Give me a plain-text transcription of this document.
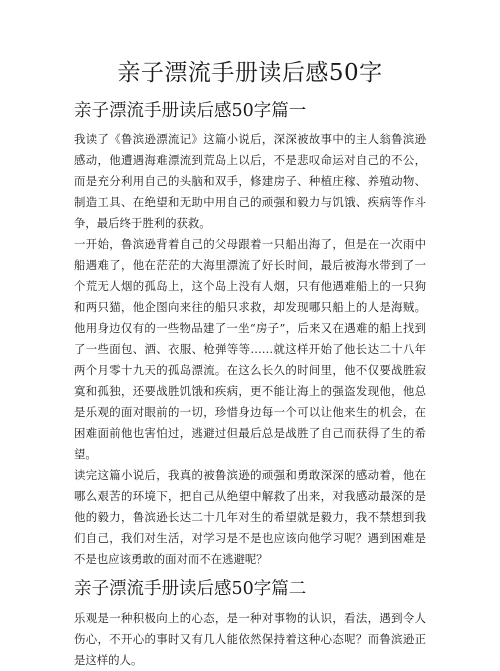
亲子漂流手册读后感50字
亲子漂流手册读后感50字篇一

我读了《鲁滨逊漂流记》这篇小说后，深深被故事中的主人翁鲁滨逊感动，他遭遇海难漂流到荒岛上以后，不是悲叹命运对自己的不公，而是充分利用自己的头脑和双手，修建房子、种植庄稼、养殖动物、制造工具、在绝望和无助中用自己的顽强和毅力与饥饿、疾病等作斗争，最后终于胜利的获救。

一开始，鲁滨逊背着自己的父母跟着一只船出海了，但是在一次雨中船遇难了，他在茫茫的大海里漂流了好长时间，最后被海水带到了一个荒无人烟的孤岛上，这个岛上没有人烟，只有他遇难船上的一只狗和两只猫，他企图向来往的船只求救，却发现哪只船上的人是海贼。他用身边仅有的一些物品建了一坐“房子”，后来又在遇难的船上找到了一些面包、酒、衣服、枪弹等等……就这样开始了他长达二十八年两个月零十九天的孤岛漂流。在这么长久的时间里，他不仅要战胜寂寞和孤独，还要战胜饥饿和疾病，更不能让海上的强盗发现他，他总是乐观的面对眼前的一切，珍惜身边每一个可以让他来生的机会，在困难面前他也害怕过，逃避过但最后总是战胜了自己而获得了生的希望。

读完这篇小说后，我真的被鲁滨逊的顽强和勇敢深深的感动着，他在哪么艰苦的环境下，把自己从绝望中解救了出来，对我感动最深的是他的毅力，鲁滨逊长达二十几年对生的希望就是毅力，我不禁想到我们自己，我们对生活，对学习是不是也应该向他学习呢？遇到困难是不是也应该勇敢的面对而不在逃避呢？

亲子漂流手册读后感50字篇二

乐观是一种积极向上的心态，是一种对事物的认识，看法，遇到令人伤心，不开心的事时又有几人能依然保持着这种心态呢？而鲁滨逊正是这样的人。
